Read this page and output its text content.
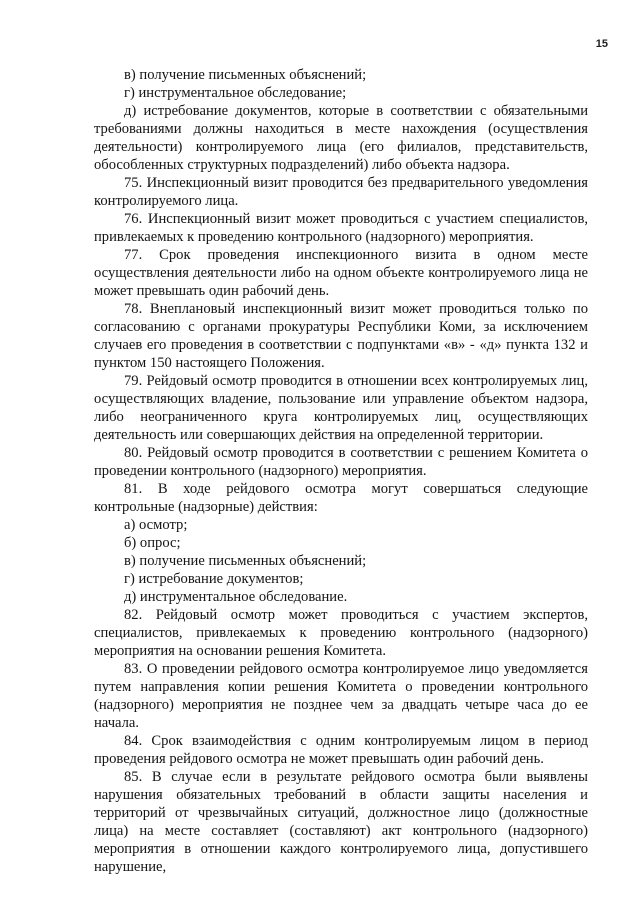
15

в) получение письменных объяснений;

г) инструментальное обследование;

д) истребование документов, которые в соответствии с обязательными требованиями должны находиться в месте нахождения (осуществления деятельности) контролируемого лица (его филиалов, представительств, обособленных структурных подразделений) либо объекта надзора.

75. Инспекционный визит проводится без предварительного уведомления контролируемого лица.

76. Инспекционный визит может проводиться с участием специалистов, привлекаемых к проведению контрольного (надзорного) мероприятия.

77. Срок проведения инспекционного визита в одном месте осуществления деятельности либо на одном объекте контролируемого лица не может превышать один рабочий день.

78. Внеплановый инспекционный визит может проводиться только по согласованию с органами прокуратуры Республики Коми, за исключением случаев его проведения в соответствии с подпунктами «в» - «д» пункта 132 и пунктом 150 настоящего Положения.

79. Рейдовый осмотр проводится в отношении всех контролируемых лиц, осуществляющих владение, пользование или управление объектом надзора, либо неограниченного круга контролируемых лиц, осуществляющих деятельность или совершающих действия на определенной территории.

80. Рейдовый осмотр проводится в соответствии с решением Комитета о проведении контрольного (надзорного) мероприятия.

81. В ходе рейдового осмотра могут совершаться следующие контрольные (надзорные) действия:

а) осмотр;

б) опрос;

в) получение письменных объяснений;

г) истребование документов;

д) инструментальное обследование.

82. Рейдовый осмотр может проводиться с участием экспертов, специалистов, привлекаемых к проведению контрольного (надзорного) мероприятия на основании решения Комитета.

83. О проведении рейдового осмотра контролируемое лицо уведомляется путем направления копии решения Комитета о проведении контрольного (надзорного) мероприятия не позднее чем за двадцать четыре часа до ее начала.

84. Срок взаимодействия с одним контролируемым лицом в период проведения рейдового осмотра не может превышать один рабочий день.

85. В случае если в результате рейдового осмотра были выявлены нарушения обязательных требований в области защиты населения и территорий от чрезвычайных ситуаций, должностное лицо (должностные лица) на месте составляет (составляют) акт контрольного (надзорного) мероприятия в отношении каждого контролируемого лица, допустившего нарушение,
